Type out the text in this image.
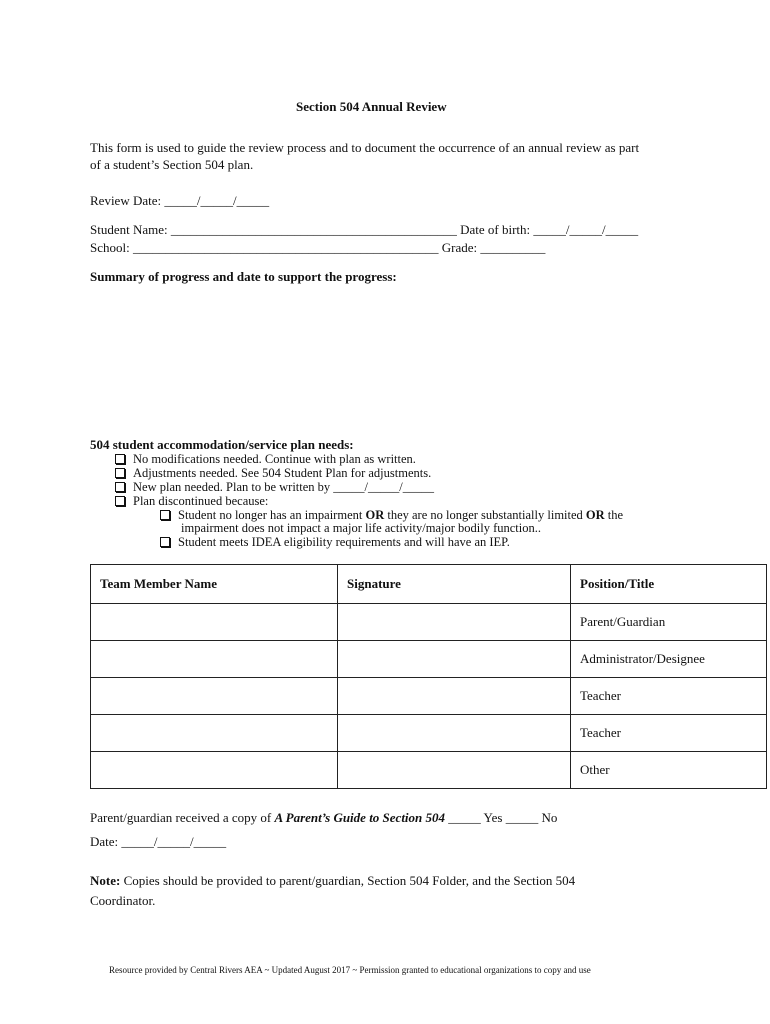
Section 504 Annual Review
This form is used to guide the review process and to document the occurrence of an annual review as part
of a student’s Section 504 plan.
Review Date: _____/_____/_____
Student Name: ____________________________________________ Date of birth: _____/_____/_____
School: _______________________________________________ Grade: __________
Summary of progress and date to support the progress:
504 student accommodation/service plan needs:
No modifications needed. Continue with plan as written.
Adjustments needed. See 504 Student Plan for adjustments.
New plan needed. Plan to be written by _____/_____/_____
Plan discontinued because:
Student no longer has an impairment OR they are no longer substantially limited OR the
impairment does not impact a major life activity/major bodily function..
Student meets IDEA eligibility requirements and will have an IEP.
Team Member Name	Signature	Position/Title
		Parent/Guardian
		Administrator/Designee
		Teacher
		Teacher
		Other
Parent/guardian received a copy of A Parent’s Guide to Section 504 _____ Yes _____ No
Date: _____/_____/_____
Note: Copies should be provided to parent/guardian, Section 504 Folder, and the Section 504
Coordinator.
Resource provided by Central Rivers AEA ~ Updated August 2017 ~ Permission granted to educational organizations to copy and use
